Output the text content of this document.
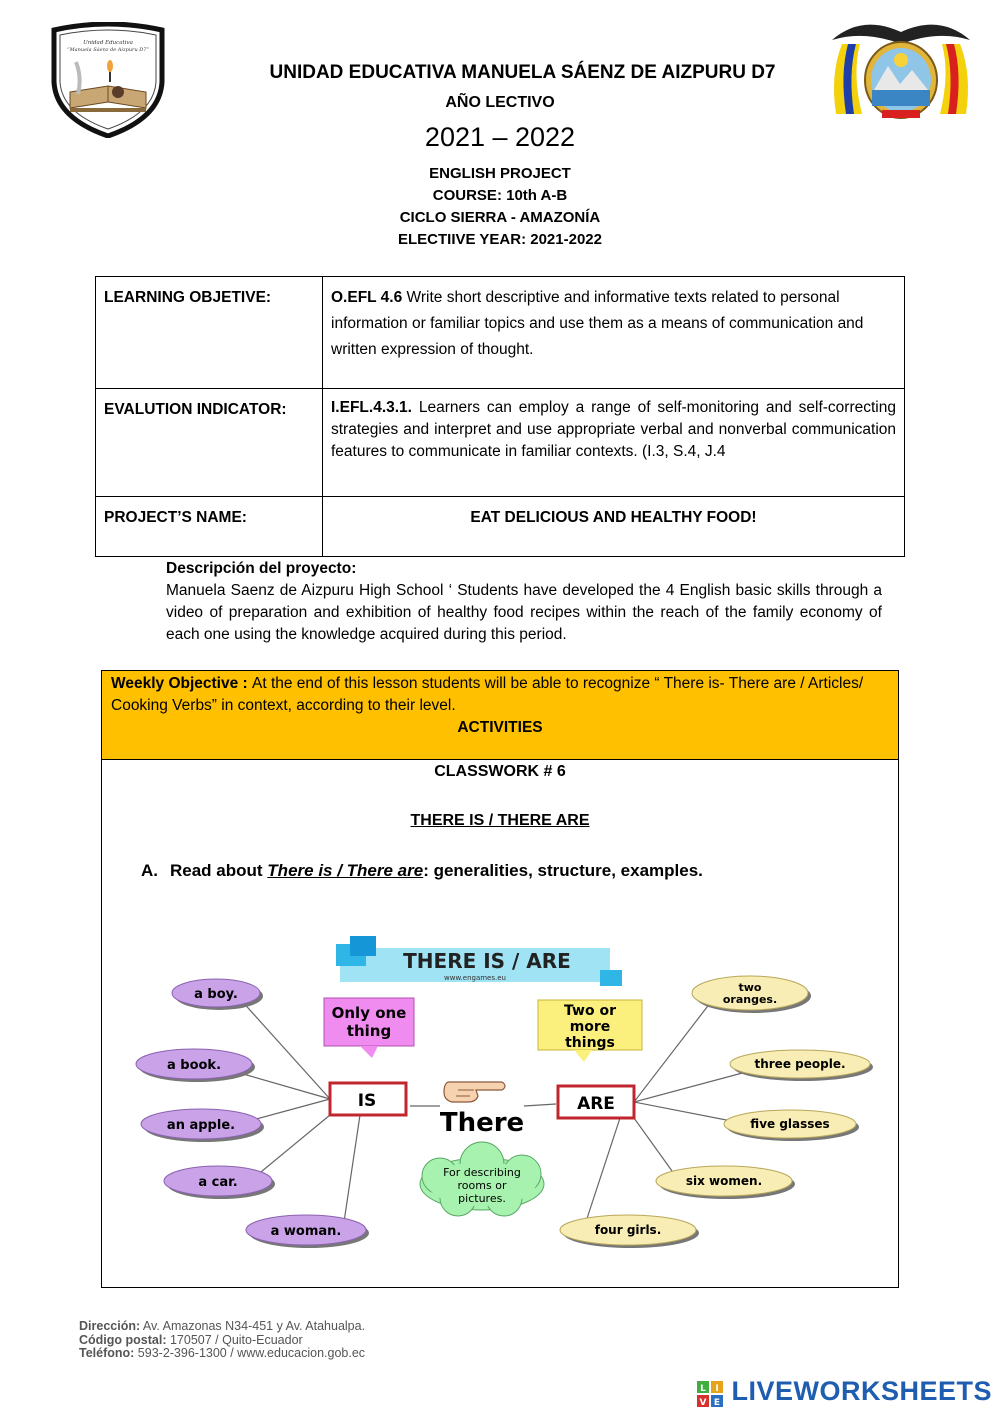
Unidad Educativa
“Manuela Sáenz de Aizpuru D7”
UNIDAD EDUCATIVA MANUELA SÁENZ DE AIZPURU D7
AÑO LECTIVO
2021 – 2022
ENGLISH PROJECT
COURSE: 10th A-B
CICLO SIERRA - AMAZONÍA
ELECTIIVE YEAR: 2021-2022
LEARNING OBJETIVE:	O.EFL 4.6 Write short descriptive and informative texts related to personal information or familiar topics and use them as a means of communication and written expression of thought.
EVALUTION INDICATOR:	I.EFL.4.3.1. Learners can employ a range of self-monitoring and self-correcting strategies and interpret and use appropriate verbal and nonverbal communication features to communicate in familiar contexts. (I.3, S.4, J.4
PROJECT’S NAME:	EAT DELICIOUS AND HEALTHY FOOD!
Descripción del proyecto:
Manuela Saenz de Aizpuru High School ‘ Students have developed the 4 English basic skills through a video of preparation and exhibition of healthy food recipes within the reach of the family economy of each one using the knowledge acquired during this period.
Weekly Objective : At the end of this lesson students will be able to recognize “ There is- There are / Articles/ Cooking Verbs” in context, according to their level.
ACTIVITIES
CLASSWORK # 6
THERE IS / THERE ARE
A. Read about There is / There are: generalities, structure, examples.
THERE IS / ARE
www.engames.eu
Only one
thing
Two or
more
things
IS	ARE
There
For describing
rooms or
pictures.
a boy.
a book.
an apple.
a car.
a woman.
two
oranges.
three people.
five glasses
six women.
four girls.
Dirección: Av. Amazonas N34-451 y Av. Atahualpa.
Código postal: 170507 / Quito-Ecuador
Teléfono: 593-2-396-1300 / www.educacion.gob.ec
L I
V E LIVEWORKSHEETS
